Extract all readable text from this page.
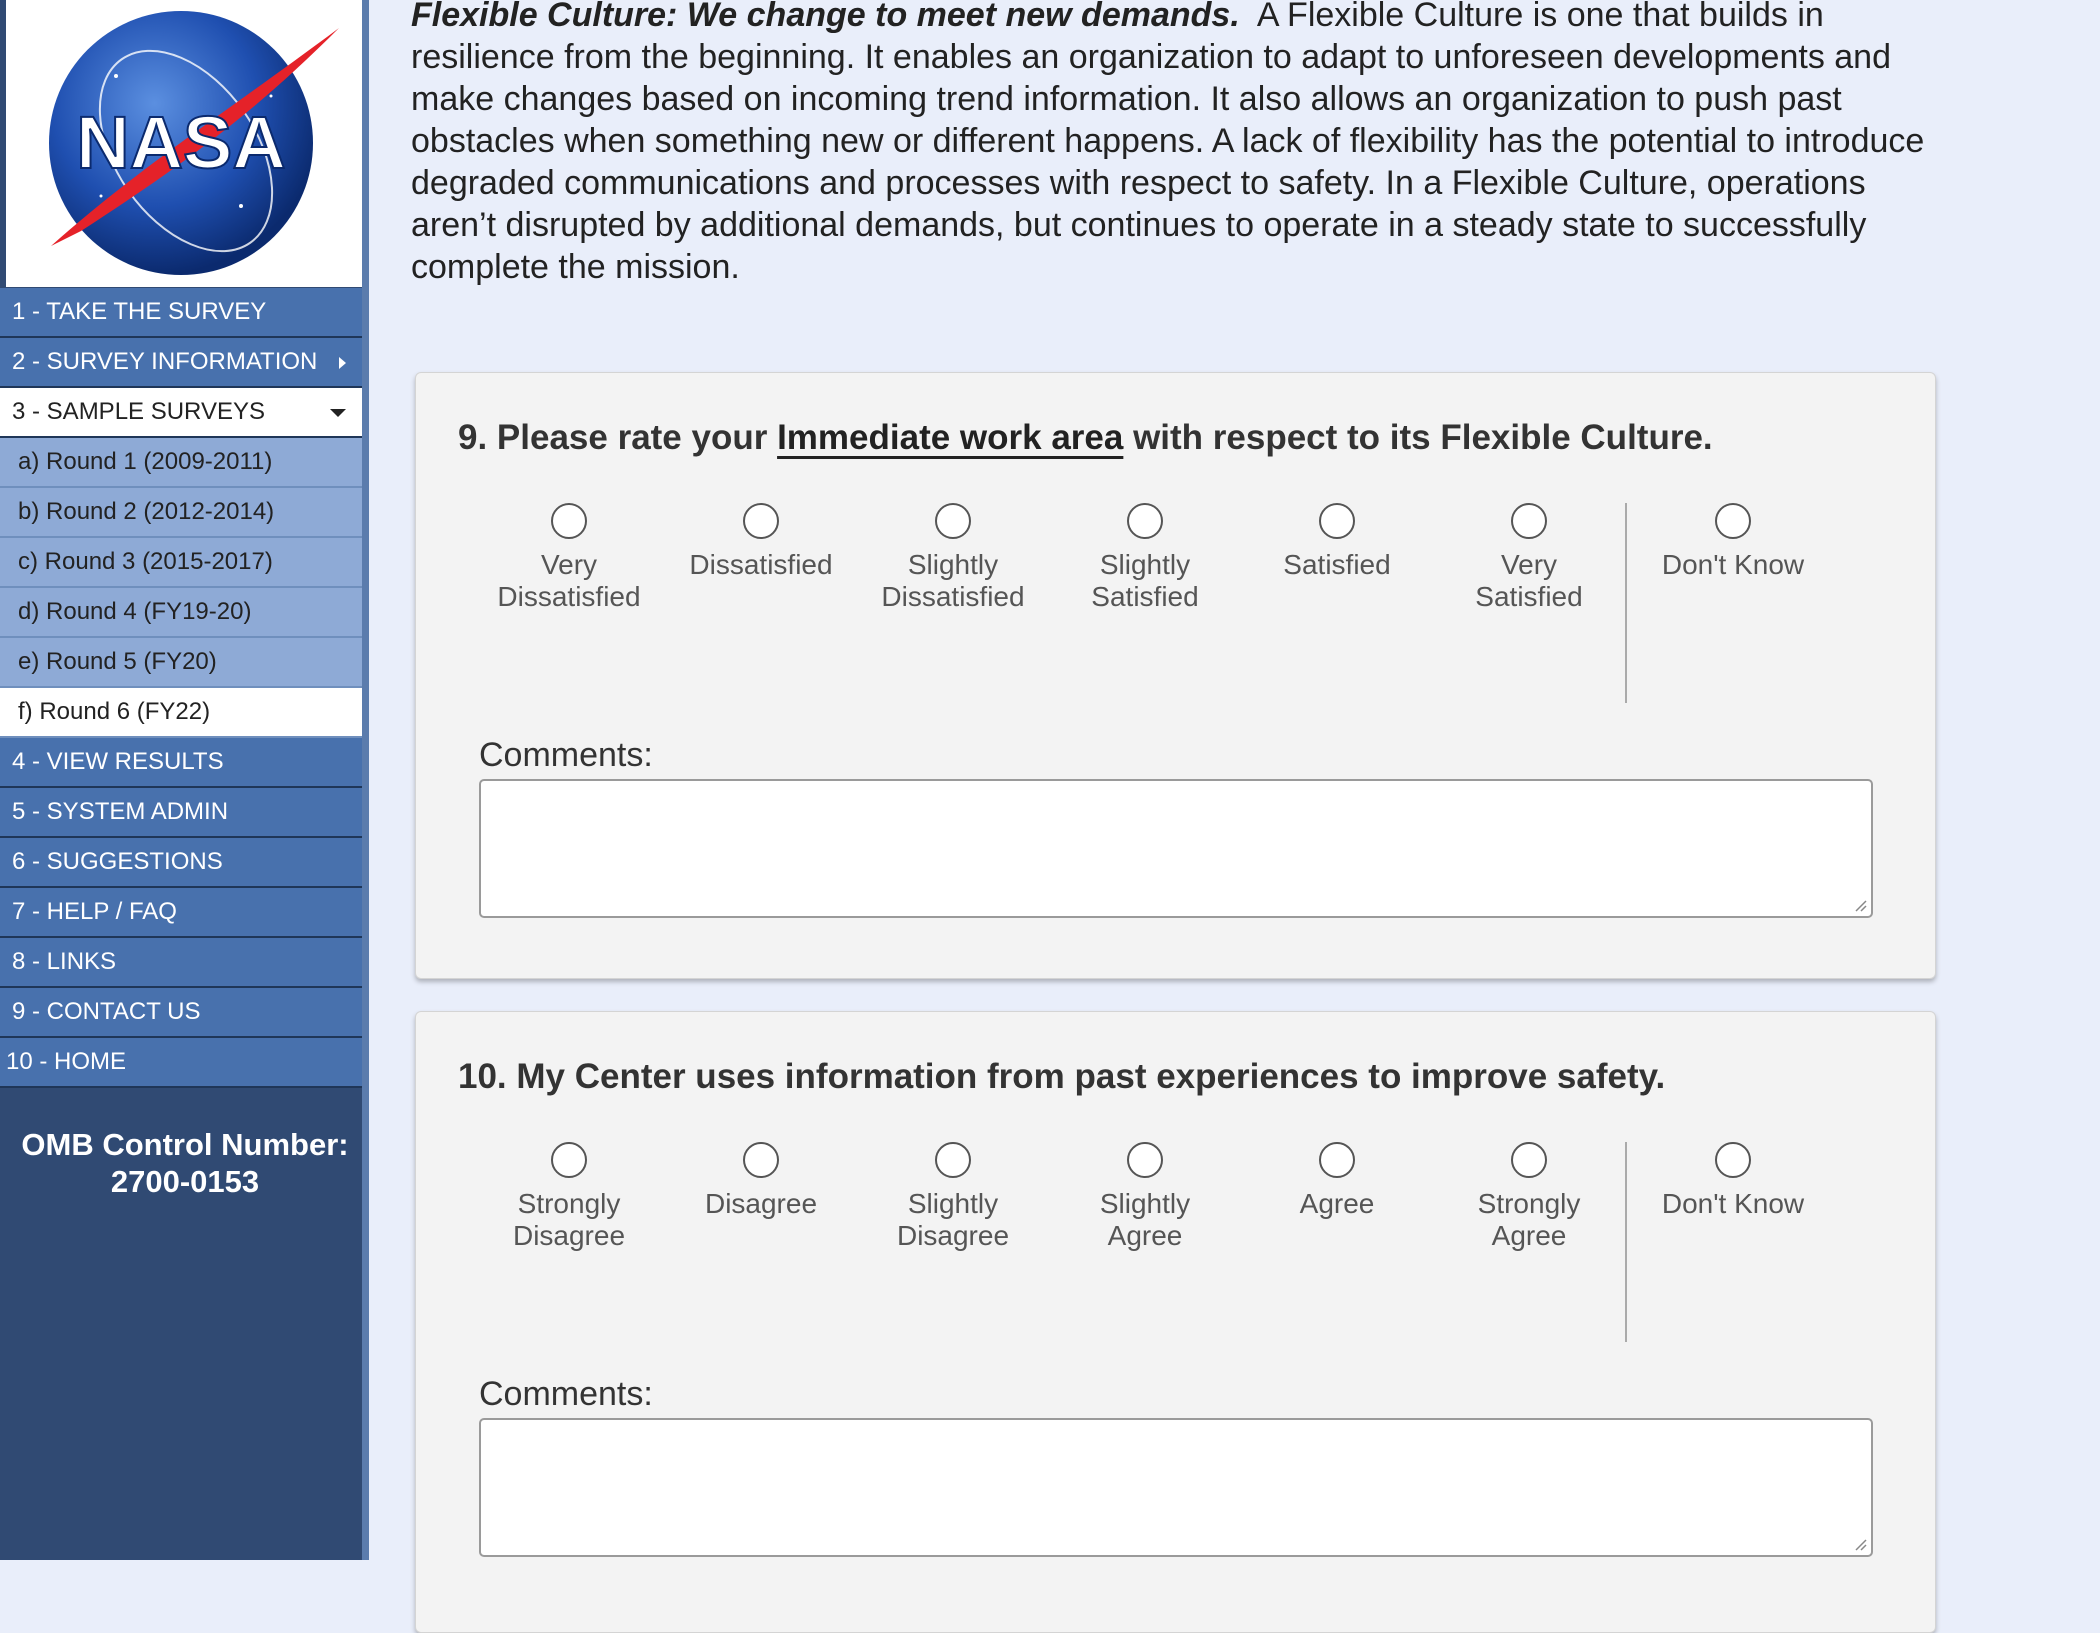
NASA
1 - TAKE THE SURVEY
2 - SURVEY INFORMATION
3 - SAMPLE SURVEYS
a) Round 1 (2009-2011)
b) Round 2 (2012-2014)
c) Round 3 (2015-2017)
d) Round 4 (FY19-20)
e) Round 5 (FY20)
f) Round 6 (FY22)
4 - VIEW RESULTS
5 - SYSTEM ADMIN
6 - SUGGESTIONS
7 - HELP / FAQ
8 - LINKS
9 - CONTACT US
10 - HOME
OMB Control Number:
2700-0153
Flexible Culture: We change to meet new demands. A Flexible Culture is one that builds in resilience from the beginning. It enables an organization to adapt to unforeseen developments and make changes based on incoming trend information. It also allows an organization to push past obstacles when something new or different happens. A lack of flexibility has the potential to introduce degraded communications and processes with respect to safety. In a Flexible Culture, operations aren’t disrupted by additional demands, but continues to operate in a steady state to successfully complete the mission.
9. Please rate your Immediate work area with respect to its Flexible Culture.
Very
Dissatisfied
Dissatisfied	Slightly
Dissatisfied
Slightly
Satisfied
Satisfied	Very
Satisfied
Don't Know
Comments:
10. My Center uses information from past experiences to improve safety.
Strongly
Disagree
Disagree	Slightly
Disagree
Slightly
Agree
Agree	Strongly
Agree
Don't Know
Comments:
